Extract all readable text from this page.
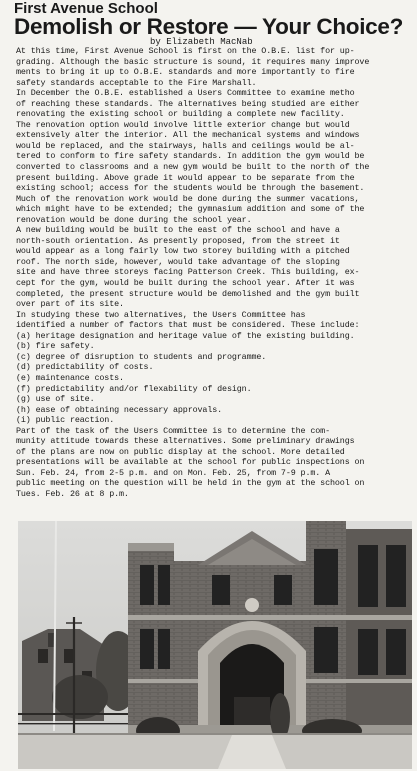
First Avenue School
Demolish or Restore — Your Choice?
by Elizabeth MacNab
At this time, First Avenue School is first on the O.B.E. list for up-
grading. Although the basic structure is sound, it requires many improve
ments to bring it up to O.B.E. standards and more importantly to fire
safety standards acceptable to the Fire Marshall.
In December the O.B.E. established a Users Committee to examine metho
of reaching these standards. The alternatives being studied are either
renovating the existing school or building a complete new facility.
The renovation option would involve little exterior change but would
extensively alter the interior. All the mechanical systems and windows
would be replaced, and the stairways, halls and ceilings would be al-
tered to conform to fire safety standards. In addition the gym would be
converted to classrooms and a new gym would be built to the north of the
present building. Above grade it would appear to be separate from the
existing school; access for the students would be through the basement.
Much of the renovation work would be done during the summer vacations,
which might have to be extended; the gymnasium addition and some of the
renovation would be done during the school year.
A new building would be built to the east of the school and have a
north-south orientation. As presently proposed, from the street it
would appear as a long fairly low two storey building with a pitched
roof. The north side, however, would take advantage of the sloping
site and have three storeys facing Patterson Creek. This building, ex-
cept for the gym, would be built during the school year. After it was
completed, the present structure would be demolished and the gym built
over part of its site.
In studying these two alternatives, the Users Committee has
identified a number of factors that must be considered. These include:
(a) heritage designation and heritage value of the existing building.
(b) fire safety.
(c) degree of disruption to students and programme.
(d) predictability of costs.
(e) maintenance costs.
(f) predictability and/or flexability of design.
(g) use of site.
(h) ease of obtaining necessary approvals.
(i) public reaction.
Part of the task of the Users Committee is to determine the com-
munity attitude towards these alternatives. Some preliminary drawings
of the plans are now on public display at the school. More detailed
presentations will be available at the school for public inspections on
Sun. Feb. 24, from 2-5 p.m. and on Mon. Feb. 25, from 7-9 p.m. A
public meeting on the question will be held in the gym at the school on
Tues. Feb. 26 at 8 p.m.
